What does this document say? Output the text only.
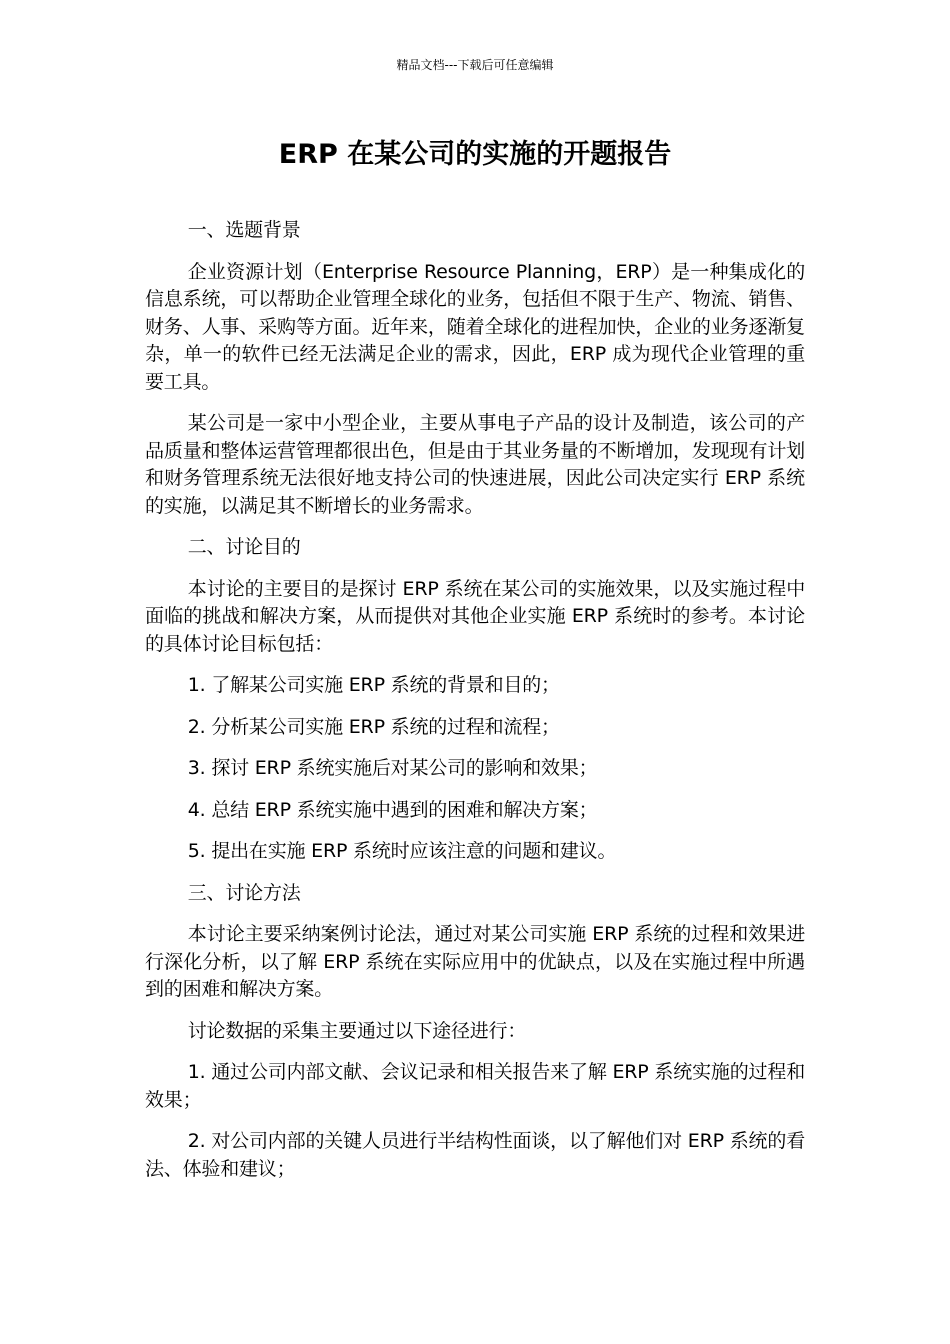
精品文档---下载后可任意编辑
ERP 在某公司的实施的开题报告

一、选题背景

企业资源计划（Enterprise Resource Planning，ERP）是一种集成化的信息系统，可以帮助企业管理全球化的业务，包括但不限于生产、物流、销售、财务、人事、采购等方面。近年来，随着全球化的进程加快，企业的业务逐渐复杂，单一的软件已经无法满足企业的需求，因此，ERP 成为现代企业管理的重要工具。

某公司是一家中小型企业，主要从事电子产品的设计及制造，该公司的产品质量和整体运营管理都很出色，但是由于其业务量的不断增加，发现现有计划和财务管理系统无法很好地支持公司的快速进展，因此公司决定实行 ERP 系统的实施，以满足其不断增长的业务需求。

二、讨论目的

本讨论的主要目的是探讨 ERP 系统在某公司的实施效果，以及实施过程中面临的挑战和解决方案，从而提供对其他企业实施 ERP 系统时的参考。本讨论的具体讨论目标包括：

1. 了解某公司实施 ERP 系统的背景和目的；

2. 分析某公司实施 ERP 系统的过程和流程；

3. 探讨 ERP 系统实施后对某公司的影响和效果；

4. 总结 ERP 系统实施中遇到的困难和解决方案；

5. 提出在实施 ERP 系统时应该注意的问题和建议。

三、讨论方法

本讨论主要采纳案例讨论法，通过对某公司实施 ERP 系统的过程和效果进行深化分析，以了解 ERP 系统在实际应用中的优缺点，以及在实施过程中所遇到的困难和解决方案。

讨论数据的采集主要通过以下途径进行：

1. 通过公司内部文献、会议记录和相关报告来了解 ERP 系统实施的过程和效果；

2. 对公司内部的关键人员进行半结构性面谈，以了解他们对 ERP 系统的看法、体验和建议；
